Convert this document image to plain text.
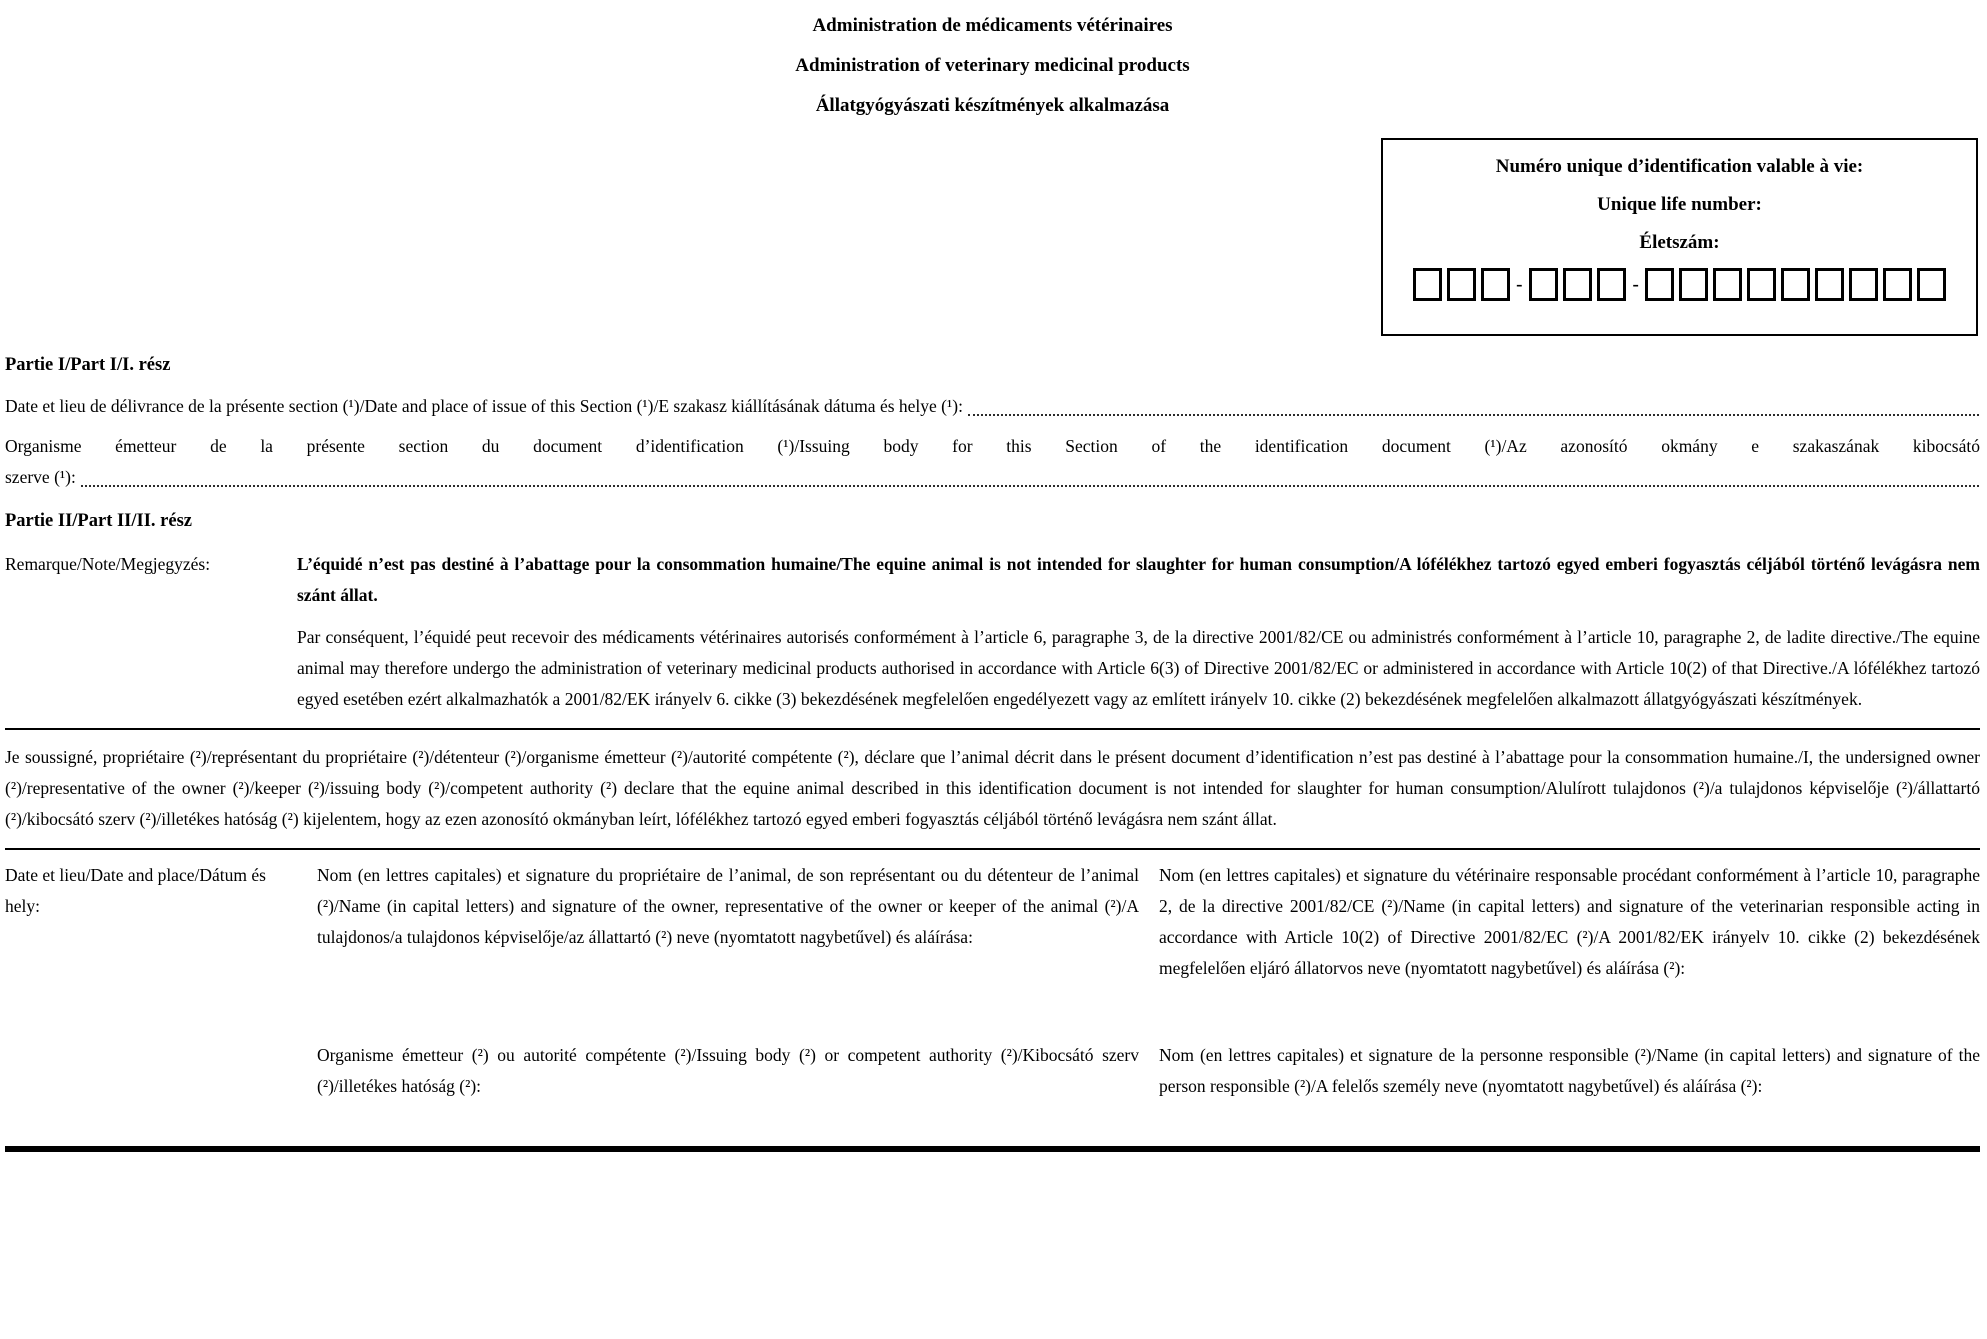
Administration de médicaments vétérinaires
Administration of veterinary medicinal products
Állatgyógyászati készítmények alkalmazása
Numéro unique d’identification valable à vie:
Unique life number:
Életszám:
-	-
Partie I/Part I/I. rész
Date et lieu de délivrance de la présente section (¹)/Date and place of issue of this Section (¹)/E szakasz kiállításának dátuma és helye (¹):
Organisme émetteur de la présente section du document d’identification (¹)/Issuing body for this Section of the identification document (¹)/Az azonosító okmány e szakaszának kibocsátó
szerve (¹):
Partie II/Part II/II. rész
Remarque/Note/Megjegyzés:	L’équidé n’est pas destiné à l’abattage pour la consommation humaine/The equine animal is not intended for slaughter for human consumption/A lófélékhez tartozó egyed emberi fogyasztás céljából történő levágásra nem szánt állat.
Par conséquent, l’équidé peut recevoir des médicaments vétérinaires autorisés conformément à l’article 6, paragraphe 3, de la directive 2001/82/CE ou administrés conformément à l’article 10, paragraphe 2, de ladite directive./The equine animal may therefore undergo the administration of veterinary medicinal products authorised in accordance with Article 6(3) of Directive 2001/82/EC or administered in accordance with Article 10(2) of that Directive./A lófélékhez tartozó egyed esetében ezért alkalmazhatók a 2001/82/EK irányelv 6. cikke (3) bekezdésének megfelelően engedélyezett vagy az említett irányelv 10. cikke (2) bekezdésének megfelelően alkalmazott állatgyógyászati készítmények.
Je soussigné, propriétaire (²)/représentant du propriétaire (²)/détenteur (²)/organisme émetteur (²)/autorité compétente (²), déclare que l’animal décrit dans le présent document d’identification n’est pas destiné à l’abattage pour la consommation humaine./I, the undersigned owner (²)/representative of the owner (²)/keeper (²)/issuing body (²)/competent authority (²) declare that the equine animal described in this identification document is not intended for slaughter for human consumption/Alulírott tulajdonos (²)/a tulajdonos képviselője (²)/állattartó (²)/kibocsátó szerv (²)/illetékes hatóság (²) kijelentem, hogy az ezen azonosító okmányban leírt, lófélékhez tartozó egyed emberi fogyasztás céljából történő levágásra nem szánt állat.
Date et lieu/Date and place/Dátum és hely:
Nom (en lettres capitales) et signature du propriétaire de l’animal, de son représentant ou du détenteur de l’animal (²)/Name (in capital letters) and signature of the owner, representative of the owner or keeper of the animal (²)/A tulajdonos/a tulajdonos képviselője/az állattartó (²) neve (nyomtatott nagybetűvel) és aláírása:
Nom (en lettres capitales) et signature du vétérinaire responsable procédant conformément à l’article 10, paragraphe 2, de la directive 2001/82/CE (²)/Name (in capital letters) and signature of the veterinarian responsible acting in accordance with Article 10(2) of Directive 2001/82/EC (²)/A 2001/82/EK irányelv 10. cikke (2) bekezdésének megfelelően eljáró állatorvos neve (nyomtatott nagybetűvel) és aláírása (²):
Organisme émetteur (²) ou autorité compétente (²)/Issuing body (²) or competent authority (²)/Kibocsátó szerv (²)/illetékes hatóság (²):
Nom (en lettres capitales) et signature de la personne responsible (²)/Name (in capital letters) and signature of the person responsible (²)/A felelős személy neve (nyomtatott nagybetűvel) és aláírása (²):
